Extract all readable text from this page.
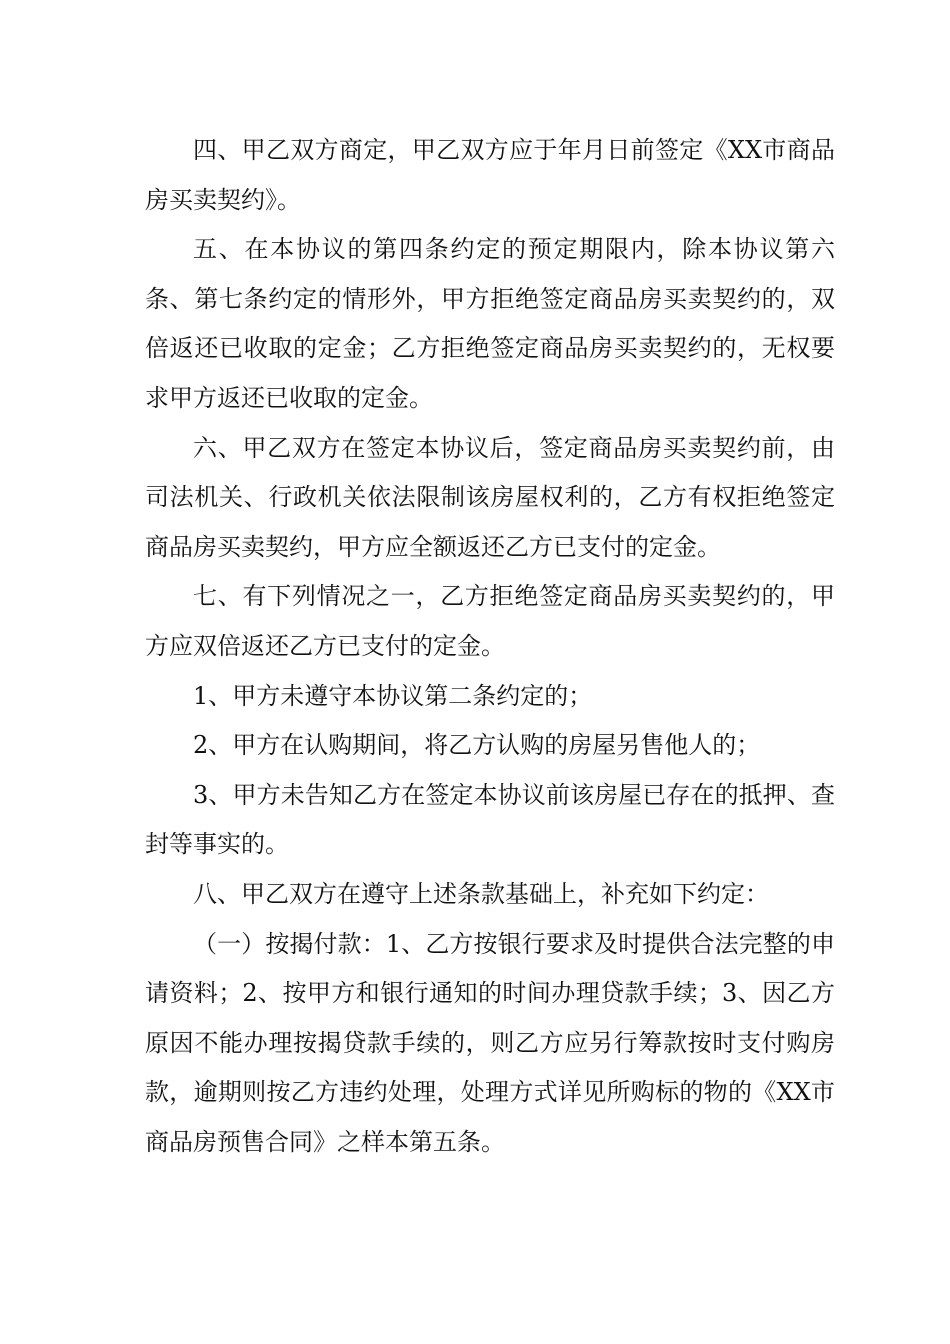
四、甲乙双方商定，甲乙双方应于年月日前签定《XX市商品房买卖契约》。

五、在本协议的第四条约定的预定期限内，除本协议第六条、第七条约定的情形外，甲方拒绝签定商品房买卖契约的，双倍返还已收取的定金；乙方拒绝签定商品房买卖契约的，无权要求甲方返还已收取的定金。

六、甲乙双方在签定本协议后，签定商品房买卖契约前，由司法机关、行政机关依法限制该房屋权利的，乙方有权拒绝签定商品房买卖契约，甲方应全额返还乙方已支付的定金。

七、有下列情况之一，乙方拒绝签定商品房买卖契约的，甲方应双倍返还乙方已支付的定金。

1、甲方未遵守本协议第二条约定的；

2、甲方在认购期间，将乙方认购的房屋另售他人的；

3、甲方未告知乙方在签定本协议前该房屋已存在的抵押、查封等事实的。

八、甲乙双方在遵守上述条款基础上，补充如下约定：

（一）按揭付款：1、乙方按银行要求及时提供合法完整的申请资料；2、按甲方和银行通知的时间办理贷款手续；3、因乙方原因不能办理按揭贷款手续的，则乙方应另行筹款按时支付购房款，逾期则按乙方违约处理，处理方式详见所购标的物的《XX市商品房预售合同》之样本第五条。
